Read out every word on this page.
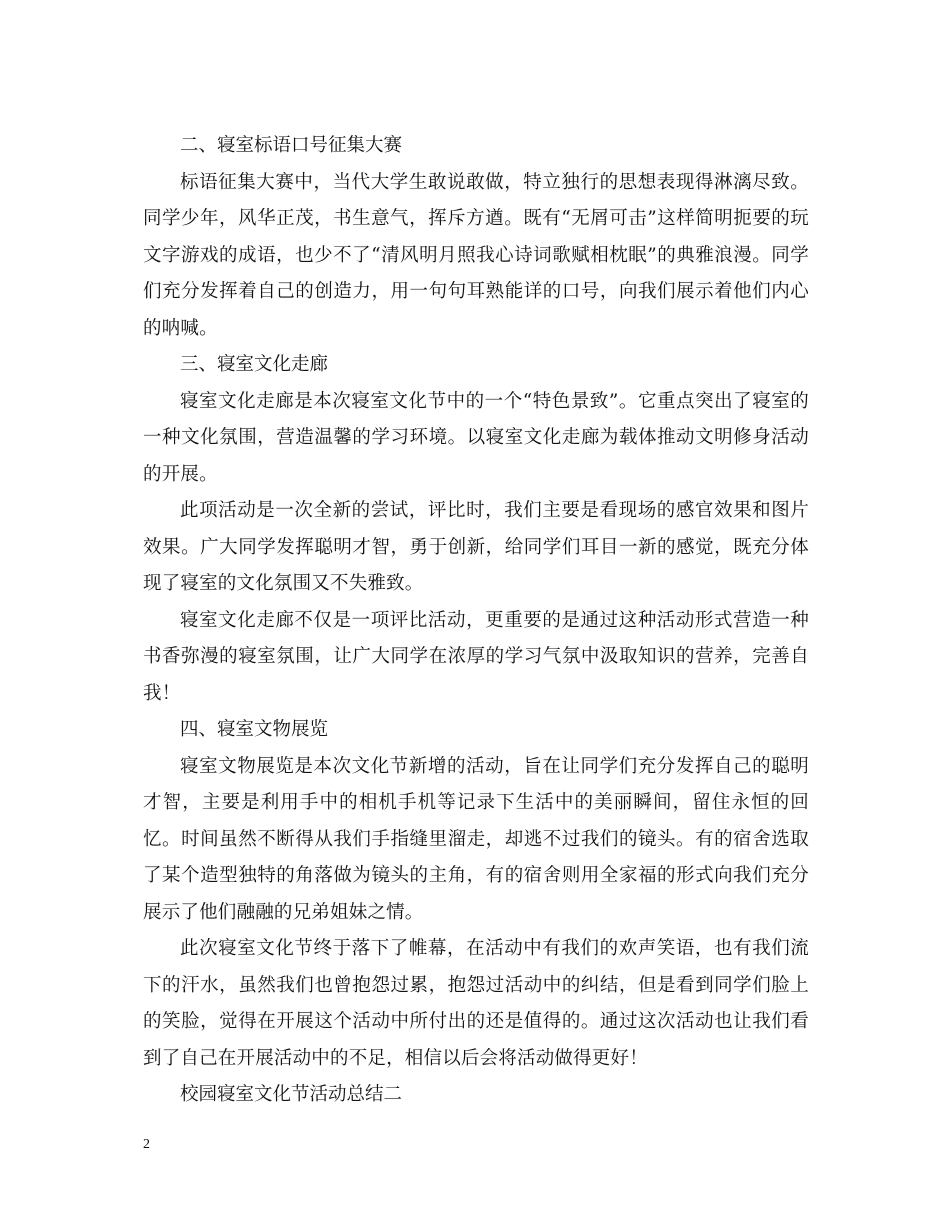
二、寝室标语口号征集大赛

标语征集大赛中，当代大学生敢说敢做，特立独行的思想表现得淋漓尽致。同学少年，风华正茂，书生意气，挥斥方遒。既有“无屑可击”这样简明扼要的玩文字游戏的成语，也少不了“清风明月照我心诗词歌赋相枕眠”的典雅浪漫。同学们充分发挥着自己的创造力，用一句句耳熟能详的口号，向我们展示着他们内心的呐喊。

三、寝室文化走廊

寝室文化走廊是本次寝室文化节中的一个“特色景致”。它重点突出了寝室的一种文化氛围，营造温馨的学习环境。以寝室文化走廊为载体推动文明修身活动的开展。

此项活动是一次全新的尝试，评比时，我们主要是看现场的感官效果和图片效果。广大同学发挥聪明才智，勇于创新，给同学们耳目一新的感觉，既充分体现了寝室的文化氛围又不失雅致。

寝室文化走廊不仅是一项评比活动，更重要的是通过这种活动形式营造一种书香弥漫的寝室氛围，让广大同学在浓厚的学习气氛中汲取知识的营养，完善自我！

四、寝室文物展览

寝室文物展览是本次文化节新增的活动，旨在让同学们充分发挥自己的聪明才智，主要是利用手中的相机手机等记录下生活中的美丽瞬间，留住永恒的回忆。时间虽然不断得从我们手指缝里溜走，却逃不过我们的镜头。有的宿舍选取了某个造型独特的角落做为镜头的主角，有的宿舍则用全家福的形式向我们充分展示了他们融融的兄弟姐妹之情。

此次寝室文化节终于落下了帷幕，在活动中有我们的欢声笑语，也有我们流下的汗水，虽然我们也曾抱怨过累，抱怨过活动中的纠结，但是看到同学们脸上的笑脸，觉得在开展这个活动中所付出的还是值得的。通过这次活动也让我们看到了自己在开展活动中的不足，相信以后会将活动做得更好！

校园寝室文化节活动总结二

2
